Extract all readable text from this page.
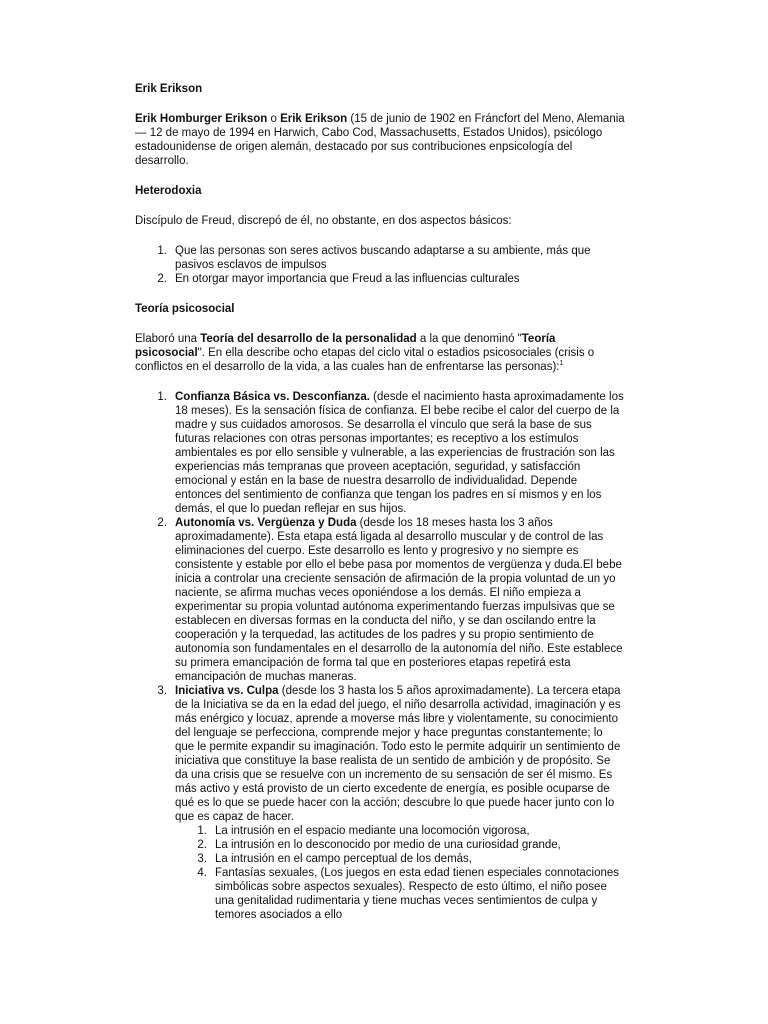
Erik Erikson

Erik Homburger Erikson o Erik Erikson (15 de junio de 1902 en Fráncfort del Meno, Alemania — 12 de mayo de 1994 en Harwich, Cabo Cod, Massachusetts, Estados Unidos), psicólogo estadounidense de origen alemán, destacado por sus contribuciones enpsicología del desarrollo.

Heterodoxia

Discípulo de Freud, discrepó de él, no obstante, en dos aspectos básicos:

1. Que las personas son seres activos buscando adaptarse a su ambiente, más que pasivos esclavos de impulsos
2. En otorgar mayor importancia que Freud a las influencias culturales

Teoría psicosocial

Elaboró una Teoría del desarrollo de la personalidad a la que denominó "Teoría psicosocial". En ella describe ocho etapas del ciclo vital o estadios psicosociales (crisis o conflictos en el desarrollo de la vida, a las cuales han de enfrentarse las personas):$^1$

1. Confianza Básica vs. Desconfianza. (desde el nacimiento hasta aproximadamente los 18 meses). Es la sensación física de confianza. El bebe recibe el calor del cuerpo de la madre y sus cuidados amorosos. Se desarrolla el vínculo que será la base de sus futuras relaciones con otras personas importantes; es receptivo a los estímulos ambientales es por ello sensible y vulnerable, a las experiencias de frustración son las experiencias más tempranas que proveen aceptación, seguridad, y satisfacción emocional y están en la base de nuestra desarrollo de individualidad. Depende entonces del sentimiento de confianza que tengan los padres en sí mismos y en los demás, el que lo puedan reflejar en sus hijos.
2. Autonomía vs. Vergüenza y Duda (desde los 18 meses hasta los 3 años aproximadamente). Esta etapa está ligada al desarrollo muscular y de control de las eliminaciones del cuerpo. Este desarrollo es lento y progresivo y no siempre es consistente y estable por ello el bebe pasa por momentos de vergüenza y duda.El bebe inicia a controlar una creciente sensación de afirmación de la propia voluntad de un yo naciente, se afirma muchas veces oponiéndose a los demás. El niño empieza a experimentar su propia voluntad autónoma experimentando fuerzas impulsivas que se establecen en diversas formas en la conducta del niño, y se dan oscilando entre la cooperación y la terquedad, las actitudes de los padres y su propio sentimiento de autonomía son fundamentales en el desarrollo de la autonomía del niño. Este establece su primera emancipación de forma tal que en posteriores etapas repetirá esta emancipación de muchas maneras.
3. Iniciativa vs. Culpa (desde los 3 hasta los 5 años aproximadamente). La tercera etapa de la Iniciativa se da en la edad del juego, el niño desarrolla actividad, imaginación y es más enérgico y locuaz, aprende a moverse más libre y violentamente, su conocimiento del lenguaje se perfecciona, comprende mejor y hace preguntas constantemente; lo que le permite expandir su imaginación. Todo esto le permite adquirir un sentimiento de iniciativa que constituye la base realista de un sentido de ambición y de propósito. Se da una crisis que se resuelve con un incremento de su sensación de ser él mismo. Es más activo y está provisto de un cierto excedente de energía, es posible ocuparse de qué es lo que se puede hacer con la acción; descubre lo que puede hacer junto con lo que es capaz de hacer.
1. La intrusión en el espacio mediante una locomoción vigorosa,
2. La intrusión en lo desconocido por medio de una curiosidad grande,
3. La intrusión en el campo perceptual de los demás,
4. Fantasías sexuales, (Los juegos en esta edad tienen especiales connotaciones simbólicas sobre aspectos sexuales). Respecto de esto último, el niño posee una genitalidad rudimentaria y tiene muchas veces sentimientos de culpa y temores asociados a ello
